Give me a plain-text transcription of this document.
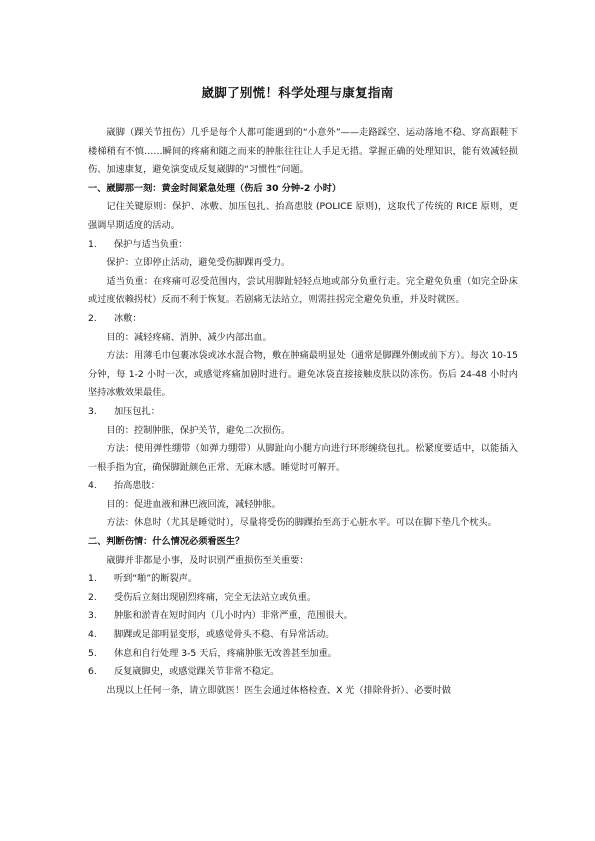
崴脚了别慌！科学处理与康复指南

崴脚（踝关节扭伤）几乎是每个人都可能遇到的“小意外”——走路踩空、运动落地不稳、穿高跟鞋下楼梯稍有不慎……瞬间的疼痛和随之而来的肿胀往往让人手足无措。掌握正确的处理知识，能有效减轻损伤、加速康复，避免演变成反复崴脚的“习惯性”问题。

一、崴脚那一刻：黄金时间紧急处理（伤后 30 分钟-2 小时）

记住关键原则：保护、冰敷、加压包扎、抬高患肢 (POLICE 原则)，这取代了传统的 RICE 原则，更强调早期适度的活动。

1.	保护与适当负重：

保护：立即停止活动，避免受伤脚踝再受力。

适当负重：在疼痛可忍受范围内，尝试用脚趾轻轻点地或部分负重行走。完全避免负重（如完全卧床或过度依赖拐杖）反而不利于恢复。若剧痛无法站立，则需拄拐完全避免负重，并及时就医。

2.	冰敷：

目的：减轻疼痛、消肿、减少内部出血。

方法：用薄毛巾包裹冰袋或冰水混合物，敷在肿痛最明显处（通常是脚踝外侧或前下方）。每次 10-15 分钟，每 1-2 小时一次，或感觉疼痛加剧时进行。避免冰袋直接接触皮肤以防冻伤。伤后 24-48 小时内坚持冰敷效果最佳。

3.	加压包扎：

目的：控制肿胀，保护关节，避免二次损伤。

方法：使用弹性绷带（如弹力绷带）从脚趾向小腿方向进行环形缠绕包扎。松紧度要适中，以能插入一根手指为宜，确保脚趾颜色正常、无麻木感。睡觉时可解开。

4.	抬高患肢：

目的：促进血液和淋巴液回流，减轻肿胀。

方法：休息时（尤其是睡觉时），尽量将受伤的脚踝抬至高于心脏水平。可以在脚下垫几个枕头。

二、判断伤情：什么情况必须看医生？

崴脚并非都是小事，及时识别严重损伤至关重要：

1.	听到“啪”的断裂声。
2.	受伤后立刻出现剧烈疼痛，完全无法站立或负重。
3.	肿胀和淤青在短时间内（几小时内）非常严重，范围很大。
4.	脚踝或足部明显变形，或感觉骨头不稳、有异常活动。
5.	休息和自行处理 3-5 天后，疼痛肿胀无改善甚至加重。
6.	反复崴脚史，或感觉踝关节非常不稳定。

出现以上任何一条，请立即就医！医生会通过体格检查、X 光（排除骨折）、必要时做
